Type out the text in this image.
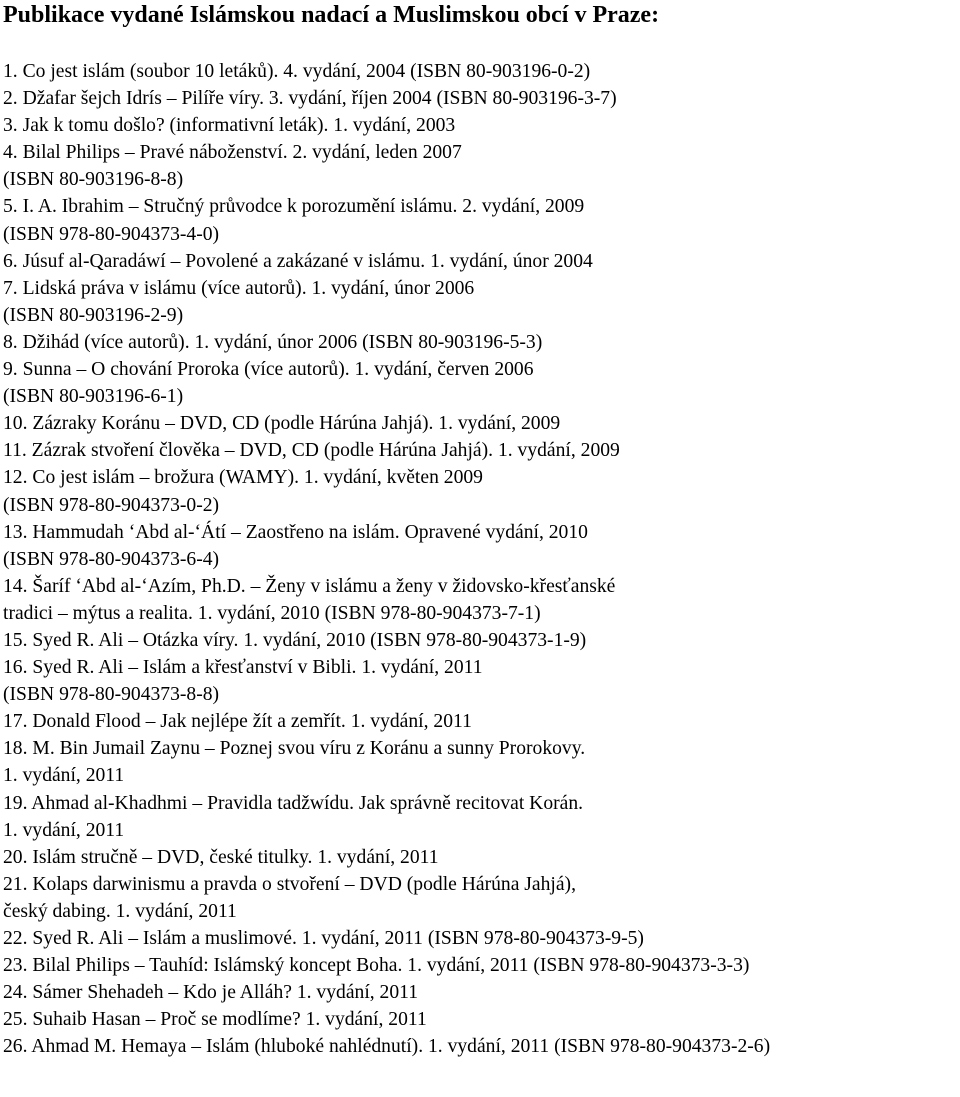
Publikace vydané Islámskou nadací a Muslimskou obcí v Praze:
1. Co jest islám (soubor 10 letáků). 4. vydání, 2004 (ISBN 80-903196-0-2)
2. Džafar šejch Idrís – Pilíře víry. 3. vydání, říjen 2004 (ISBN 80-903196-3-7)
3. Jak k tomu došlo? (informativní leták). 1. vydání, 2003
4. Bilal Philips – Pravé náboženství. 2. vydání, leden 2007
(ISBN 80-903196-8-8)
5. I. A. Ibrahim – Stručný průvodce k porozumění islámu. 2. vydání, 2009
(ISBN 978-80-904373-4-0)
6. Júsuf al-Qaradáwí – Povolené a zakázané v islámu. 1. vydání, únor 2004
7. Lidská práva v islámu (více autorů). 1. vydání, únor 2006
(ISBN 80-903196-2-9)
8. Džihád (více autorů). 1. vydání, únor 2006 (ISBN 80-903196-5-3)
9. Sunna – O chování Proroka (více autorů). 1. vydání, červen 2006
(ISBN 80-903196-6-1)
10. Zázraky Koránu – DVD, CD (podle Hárúna Jahjá). 1. vydání, 2009
11. Zázrak stvoření člověka – DVD, CD (podle Hárúna Jahjá). 1. vydání, 2009
12. Co jest islám – brožura (WAMY). 1. vydání, květen 2009
(ISBN 978-80-904373-0-2)
13. Hammudah ‘Abd al-‘Átí – Zaostřeno na islám. Opravené vydání, 2010
(ISBN 978-80-904373-6-4)
14. Šaríf ‘Abd al-‘Azím, Ph.D. – Ženy v islámu a ženy v židovsko-křesťanské
tradici – mýtus a realita. 1. vydání, 2010 (ISBN 978-80-904373-7-1)
15. Syed R. Ali – Otázka víry. 1. vydání, 2010 (ISBN 978-80-904373-1-9)
16. Syed R. Ali – Islám a křesťanství v Bibli. 1. vydání, 2011
(ISBN 978-80-904373-8-8)
17. Donald Flood – Jak nejlépe žít a zemřít. 1. vydání, 2011
18. M. Bin Jumail Zaynu – Poznej svou víru z Koránu a sunny Prorokovy.
1. vydání, 2011
19. Ahmad al-Khadhmi – Pravidla tadžwídu. Jak správně recitovat Korán.
1. vydání, 2011
20. Islám stručně – DVD, české titulky. 1. vydání, 2011
21. Kolaps darwinismu a pravda o stvoření – DVD (podle Hárúna Jahjá),
český dabing. 1. vydání, 2011
22. Syed R. Ali – Islám a muslimové. 1. vydání, 2011 (ISBN 978-80-904373-9-5)
23. Bilal Philips – Tauhíd: Islámský koncept Boha. 1. vydání, 2011 (ISBN 978-80-904373-3-3)
24. Sámer Shehadeh – Kdo je Alláh? 1. vydání, 2011
25. Suhaib Hasan – Proč se modlíme? 1. vydání, 2011
26. Ahmad M. Hemaya – Islám (hluboké nahlédnutí). 1. vydání, 2011 (ISBN 978-80-904373-2-6)
